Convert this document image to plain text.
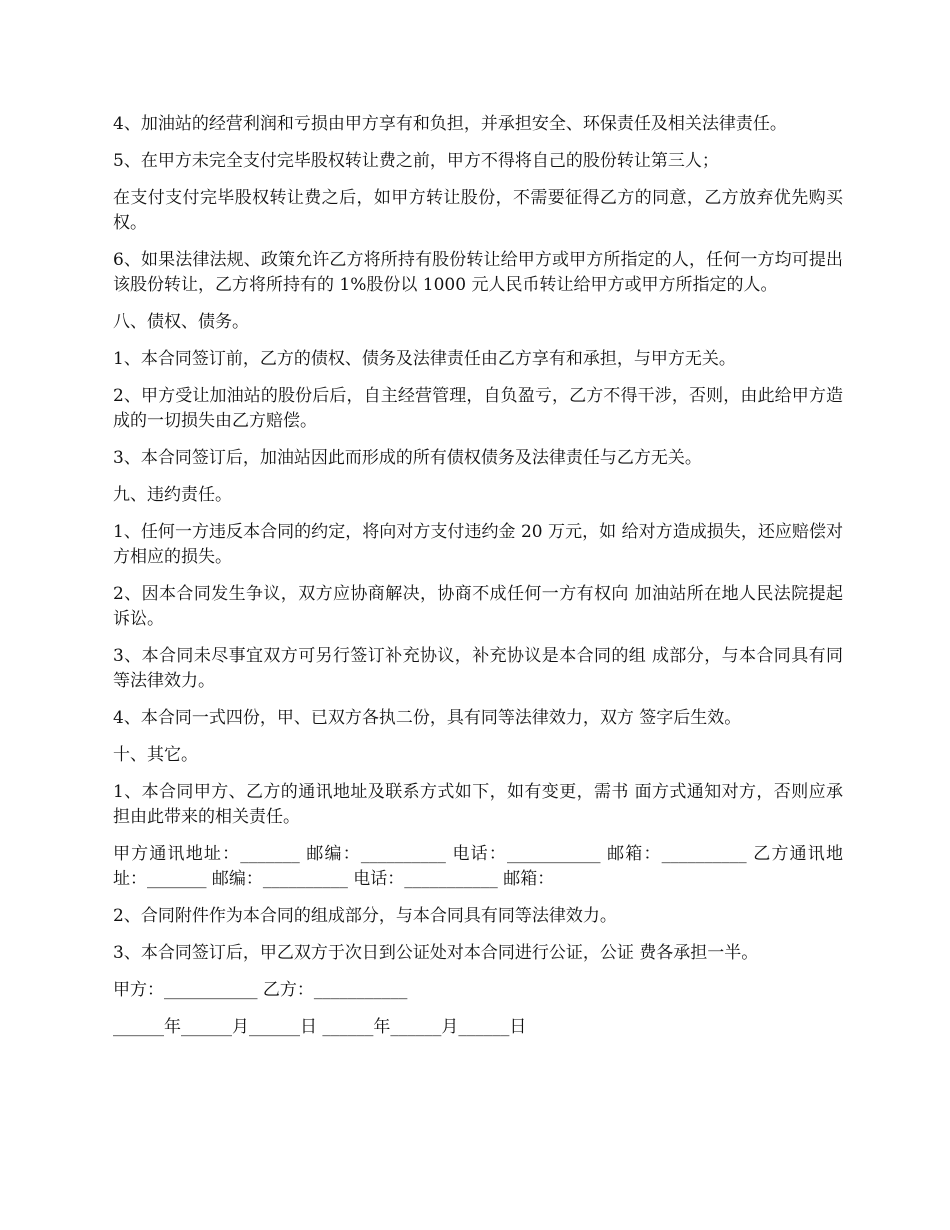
4、加油站的经营利润和亏损由甲方享有和负担，并承担安全、环保责任及相关法律责任。

5、在甲方未完全支付完毕股权转让费之前，甲方不得将自己的股份转让第三人；

在支付支付完毕股权转让费之后，如甲方转让股份，不需要征得乙方的同意，乙方放弃优先购买权。

6、如果法律法规、政策允许乙方将所持有股份转让给甲方或甲方所指定的人，任何一方均可提出该股份转让，乙方将所持有的 1%股份以 1000 元人民币转让给甲方或甲方所指定的人。

八、债权、债务。

1、本合同签订前，乙方的债权、债务及法律责任由乙方享有和承担，与甲方无关。

2、甲方受让加油站的股份后后，自主经营管理，自负盈亏，乙方不得干涉，否则，由此给甲方造成的一切损失由乙方赔偿。

3、本合同签订后，加油站因此而形成的所有债权债务及法律责任与乙方无关。

九、违约责任。

1、任何一方违反本合同的约定，将向对方支付违约金 20 万元，如 给对方造成损失，还应赔偿对方相应的损失。

2、因本合同发生争议，双方应协商解决，协商不成任何一方有权向 加油站所在地人民法院提起诉讼。

3、本合同未尽事宜双方可另行签订补充协议，补充协议是本合同的组 成部分，与本合同具有同等法律效力。

4、本合同一式四份，甲、已双方各执二份，具有同等法律效力，双方 签字后生效。

十、其它。

1、本合同甲方、乙方的通讯地址及联系方式如下，如有变更，需书 面方式通知对方，否则应承担由此带来的相关责任。

甲方通讯地址：_______ 邮编：__________ 电话：___________ 邮箱：__________ 乙方通讯地址：_______ 邮编：__________ 电话：___________ 邮箱：

2、合同附件作为本合同的组成部分，与本合同具有同等法律效力。

3、本合同签订后，甲乙双方于次日到公证处对本合同进行公证，公证 费各承担一半。

甲方：___________ 乙方：___________

______年______月______日 ______年______月______日
